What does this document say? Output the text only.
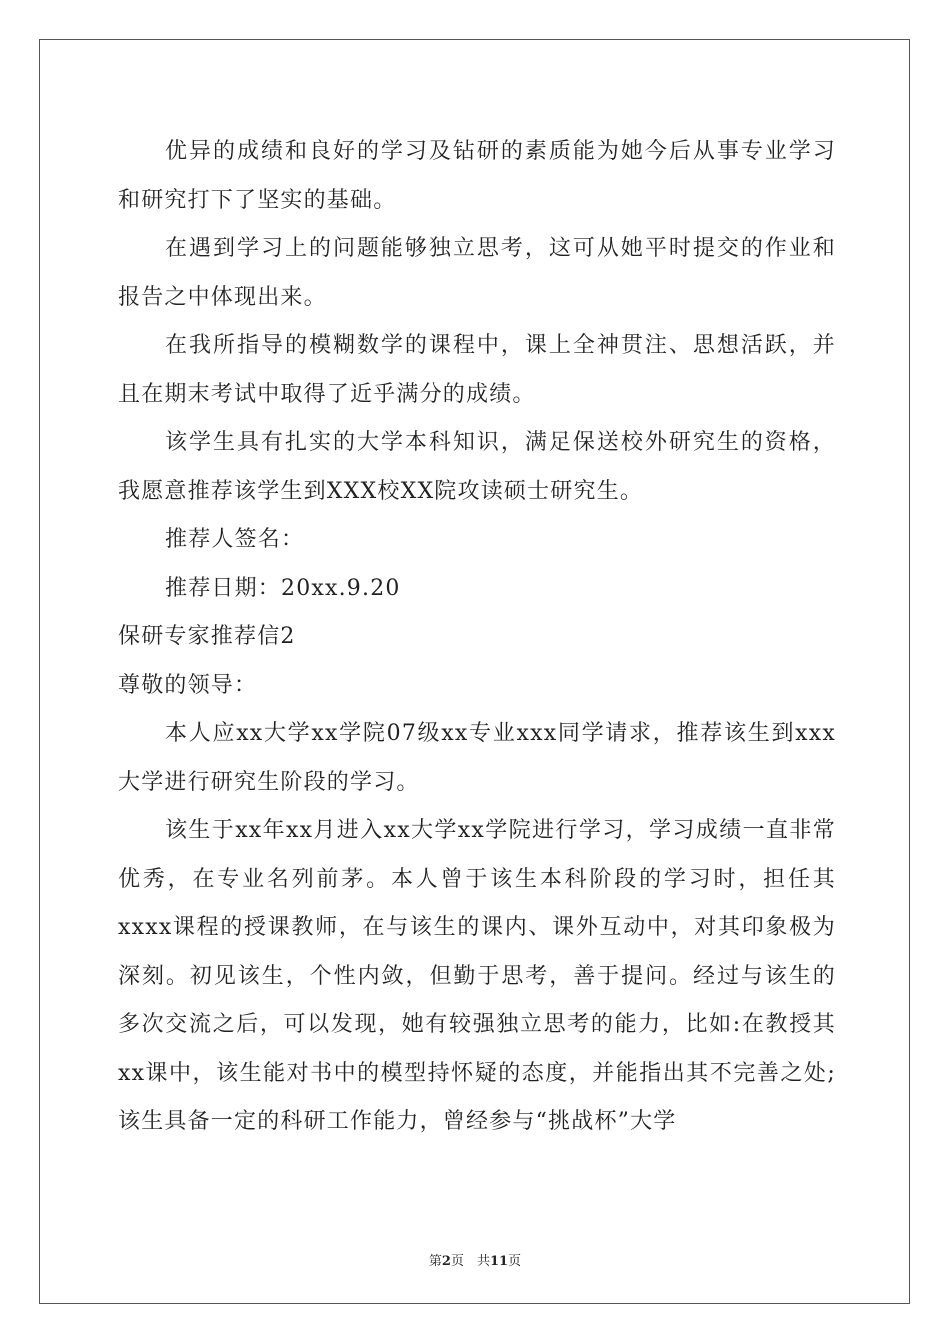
优异的成绩和良好的学习及钻研的素质能为她今后从事专业学习和研究打下了坚实的基础。

在遇到学习上的问题能够独立思考，这可从她平时提交的作业和报告之中体现出来。

在我所指导的模糊数学的课程中，课上全神贯注、思想活跃，并且在期末考试中取得了近乎满分的成绩。

该学生具有扎实的大学本科知识，满足保送校外研究生的资格，我愿意推荐该学生到XXX校XX院攻读硕士研究生。

推荐人签名：

推荐日期：20xx.9.20

保研专家推荐信2

尊敬的领导：

本人应xx大学xx学院07级xx专业xxx同学请求，推荐该生到xxx大学进行研究生阶段的学习。

该生于xx年xx月进入xx大学xx学院进行学习，学习成绩一直非常优秀，在专业名列前茅。本人曾于该生本科阶段的学习时，担任其xxxx课程的授课教师，在与该生的课内、课外互动中，对其印象极为深刻。初见该生，个性内敛，但勤于思考，善于提问。经过与该生的多次交流之后，可以发现，她有较强独立思考的能力，比如:在教授其xx课中，该生能对书中的模型持怀疑的态度，并能指出其不完善之处;该生具备一定的科研工作能力，曾经参与“挑战杯”大学

第2页　共11页
